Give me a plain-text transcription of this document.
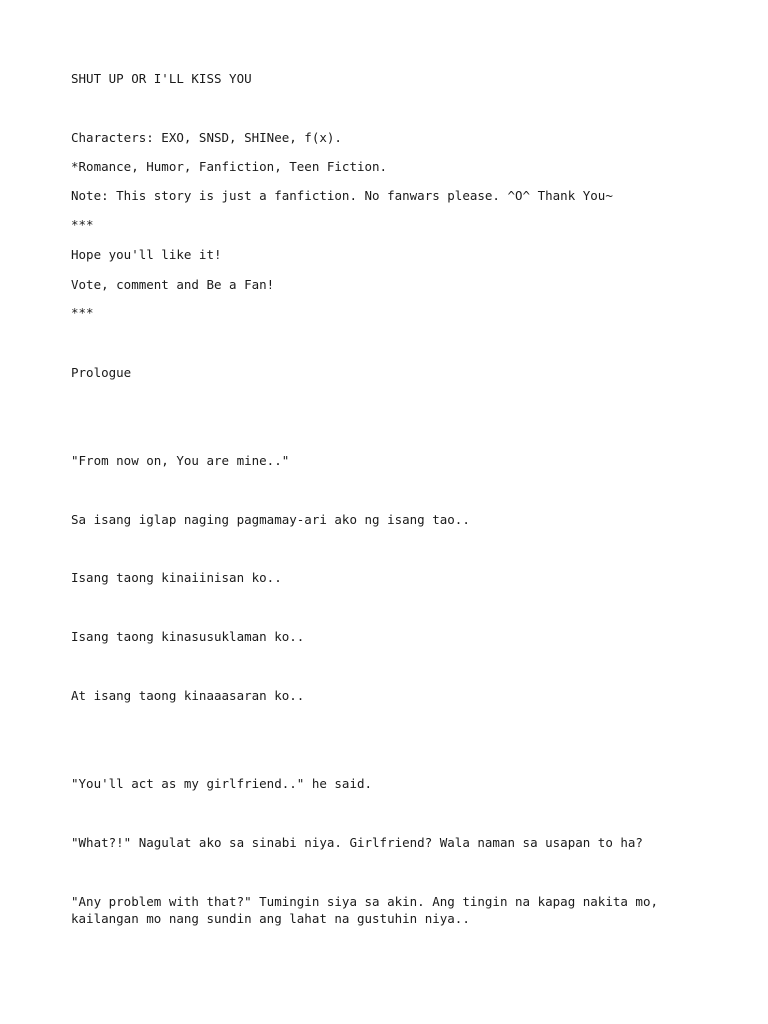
SHUT UP OR I'LL KISS YOU

Characters: EXO, SNSD, SHINee, f(x).

*Romance, Humor, Fanfiction, Teen Fiction.

Note: This story is just a fanfiction. No fanwars please. ^O^ Thank You~

***

Hope you'll like it!

Vote, comment and Be a Fan!

***

Prologue

"From now on, You are mine.."

Sa isang iglap naging pagmamay-ari ako ng isang tao..

Isang taong kinaiinisan ko..

Isang taong kinasusuklaman ko..

At isang taong kinaaasaran ko..

"You'll act as my girlfriend.." he said.

"What?!" Nagulat ako sa sinabi niya. Girlfriend? Wala naman sa usapan to ha?

"Any problem with that?" Tumingin siya sa akin. Ang tingin na kapag nakita mo,
kailangan mo nang sundin ang lahat na gustuhin niya..
